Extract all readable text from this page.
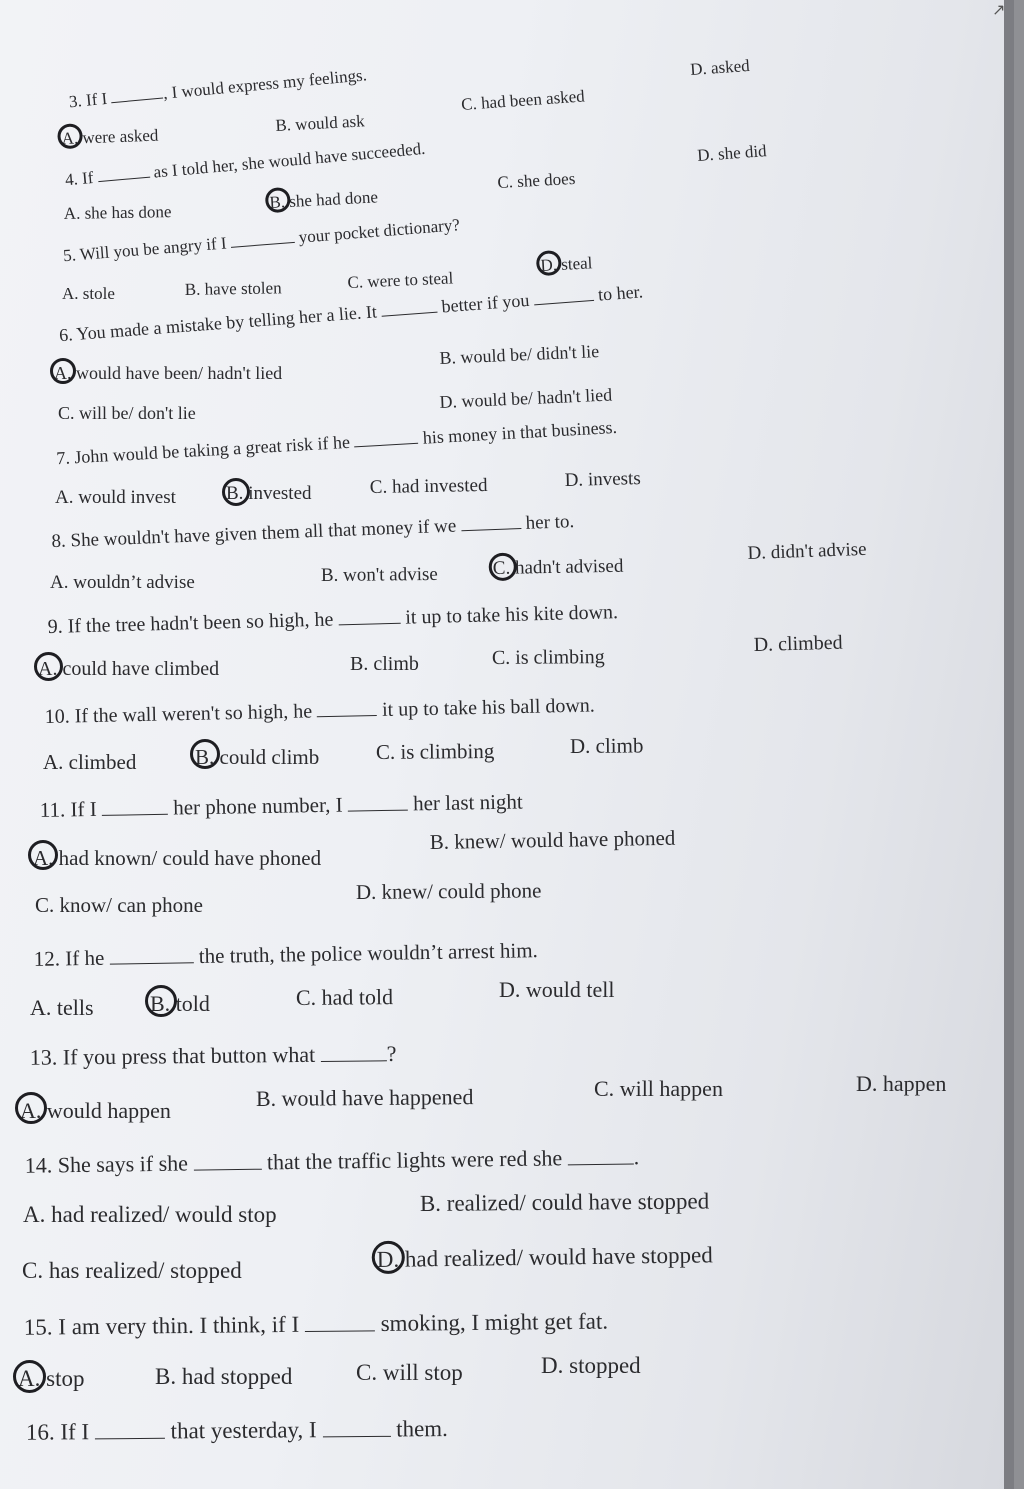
↗
3. If I	, I would express my feelings.
A.
were asked
B. would ask
C. had been asked
D. asked
4. If	as I told her, she would have succeeded.
A. she has done
B.
she had done
C. she does
D. she did
5. Will you be angry if I  your pocket dictionary?
A. stole	B. have stolen	C. were to steal
D.
steal
6. You made a mistake by telling her a lie. It	better if you	to her.
A.
would have been/ hadn't lied
B. would be/ didn't lie
C. will be/ don't lie
D. would be/ hadn't lied
7. John would be taking a great risk if he	his money in that business.
A. would invest	B.
invested	C. had invested	D. invests
8. She wouldn't have given them all that money if we	her to.
A. wouldn’t advise	B. won't advise	C.
hadn't advised
D. didn't advise
9. If the tree hadn't been so high, he	it up to take his kite down.
A.
could have climbed	B. climb	C. is climbing
D. climbed
10. If the wall weren't so high, he	it up to take his ball down.
A. climbed	B.
could climb	C. is climbing	D. climb
11. If I	her phone number, I	her last night
A.
had known/ could have phoned
B. knew/ would have phoned
C. know/ can phone
D. knew/ could phone
12. If he	the truth, the police wouldn’t arrest him.
A. tells	B.
told	C. had told	D. would tell
13. If you press that button what	?
A.
would happen	B. would have happened	C. will happen	D. happen
14. She says if she	that the traffic lights were red she	.
A. had realized/ would stop	B. realized/ could have stopped
C. has realized/ stopped	D.
had realized/ would have stopped
15. I am very thin. I think, if I	smoking, I might get fat.
A.
stop	B. had stopped	C. will stop	D. stopped
16. If I	that yesterday, I	them.
